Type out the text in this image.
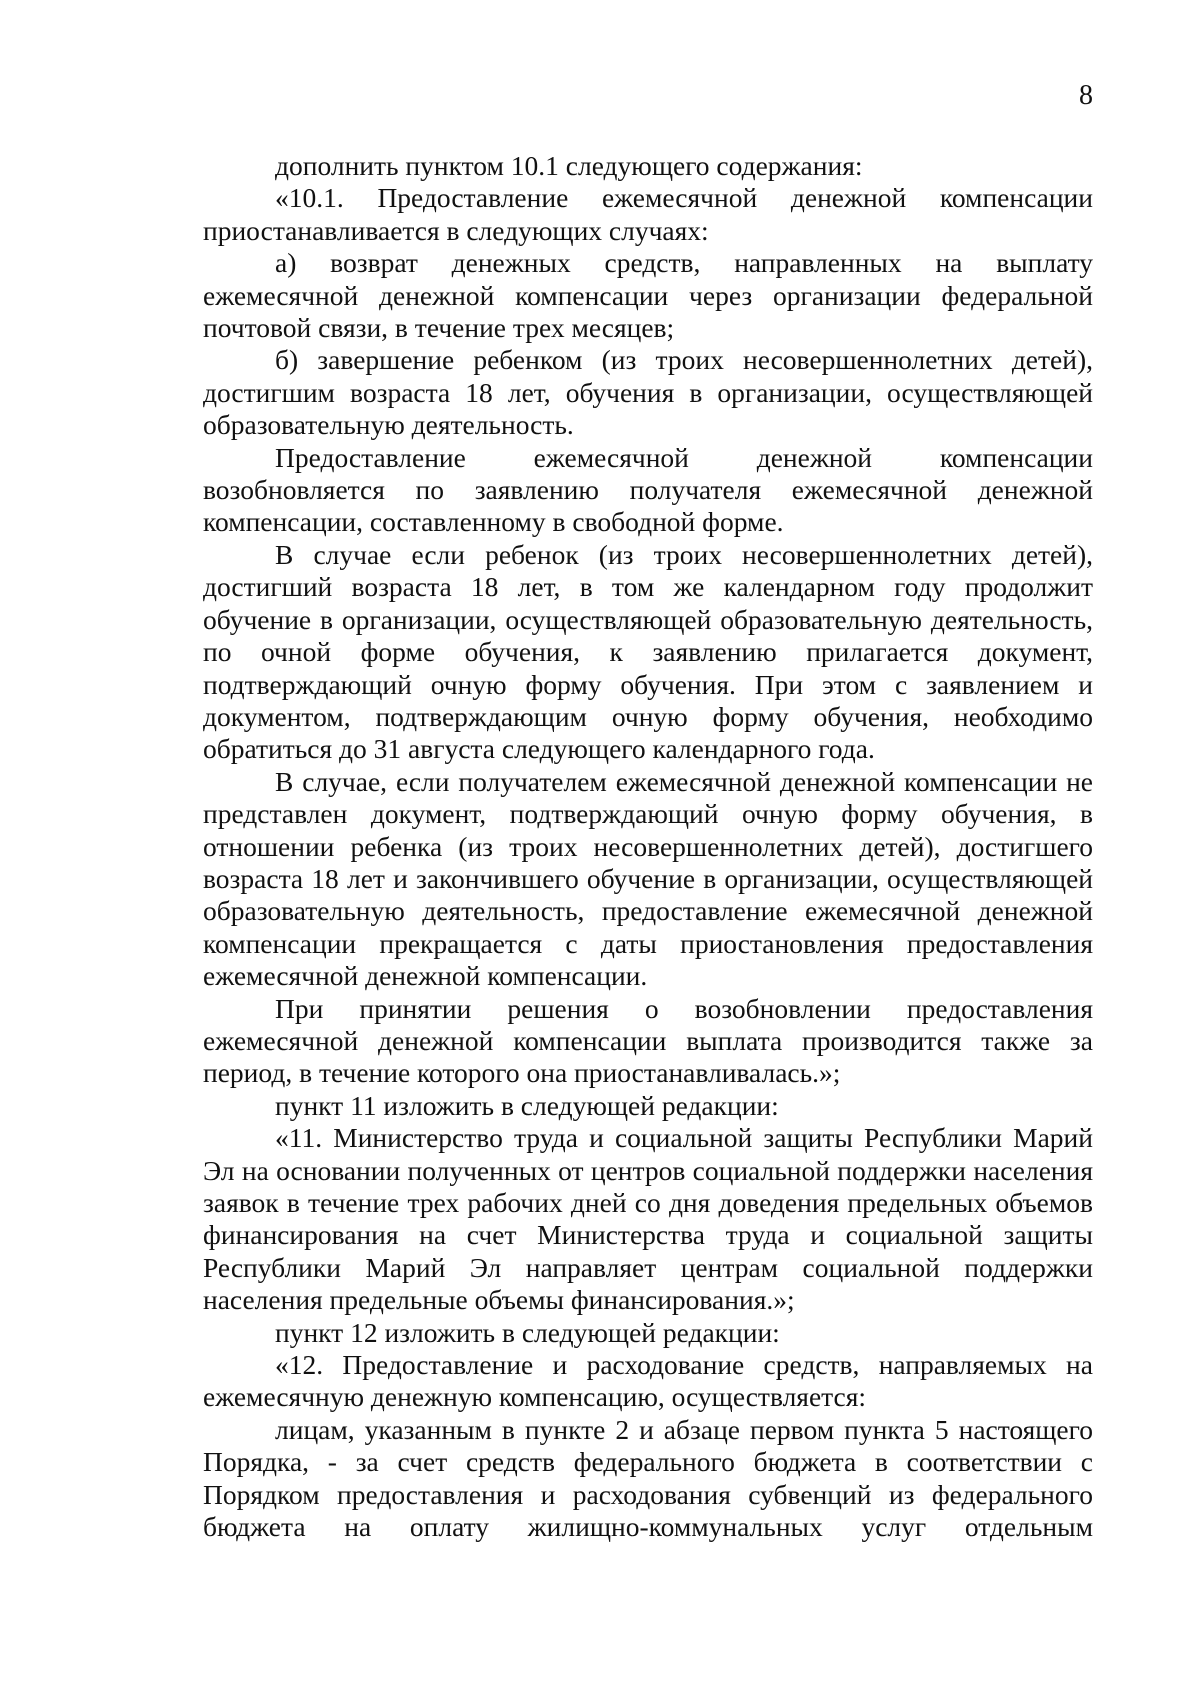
8

дополнить пунктом 10.1 следующего содержания:

«10.1. Предоставление ежемесячной денежной компенсации приостанавливается в следующих случаях:

а) возврат денежных средств, направленных на выплату ежемесячной денежной компенсации через организации федеральной почтовой связи, в течение трех месяцев;

б) завершение ребенком (из троих несовершеннолетних детей), достигшим возраста 18 лет, обучения в организации, осуществляющей образовательную деятельность.

Предоставление ежемесячной денежной компенсации возобновляется по заявлению получателя ежемесячной денежной компенсации, составленному в свободной форме.

В случае если ребенок (из троих несовершеннолетних детей), достигший возраста 18 лет, в том же календарном году продолжит обучение в организации, осуществляющей образовательную деятельность, по очной форме обучения, к заявлению прилагается документ, подтверждающий очную форму обучения. При этом с заявлением и документом, подтверждающим очную форму обучения, необходимо обратиться до 31 августа следующего календарного года.

В случае, если получателем ежемесячной денежной компенсации не представлен документ, подтверждающий очную форму обучения, в отношении ребенка (из троих несовершеннолетних детей), достигшего возраста 18 лет и закончившего обучение в организации, осуществляющей образовательную деятельность, предоставление ежемесячной денежной компенсации прекращается с даты приостановления предоставления ежемесячной денежной компенсации.

При принятии решения о возобновлении предоставления ежемесячной денежной компенсации выплата производится также за период, в течение которого она приостанавливалась.»;

пункт 11 изложить в следующей редакции:

«11. Министерство труда и социальной защиты Республики Марий Эл на основании полученных от центров социальной поддержки населения заявок в течение трех рабочих дней со дня доведения предельных объемов финансирования на счет Министерства труда и социальной защиты Республики Марий Эл направляет центрам социальной поддержки населения предельные объемы финансирования.»;

пункт 12 изложить в следующей редакции:

«12. Предоставление и расходование средств, направляемых на ежемесячную денежную компенсацию, осуществляется:

лицам, указанным в пункте 2 и абзаце первом пункта 5 настоящего Порядка, - за счет средств федерального бюджета в соответствии с Порядком предоставления и расходования субвенций из федерального бюджета на оплату жилищно-коммунальных услуг отдельным
